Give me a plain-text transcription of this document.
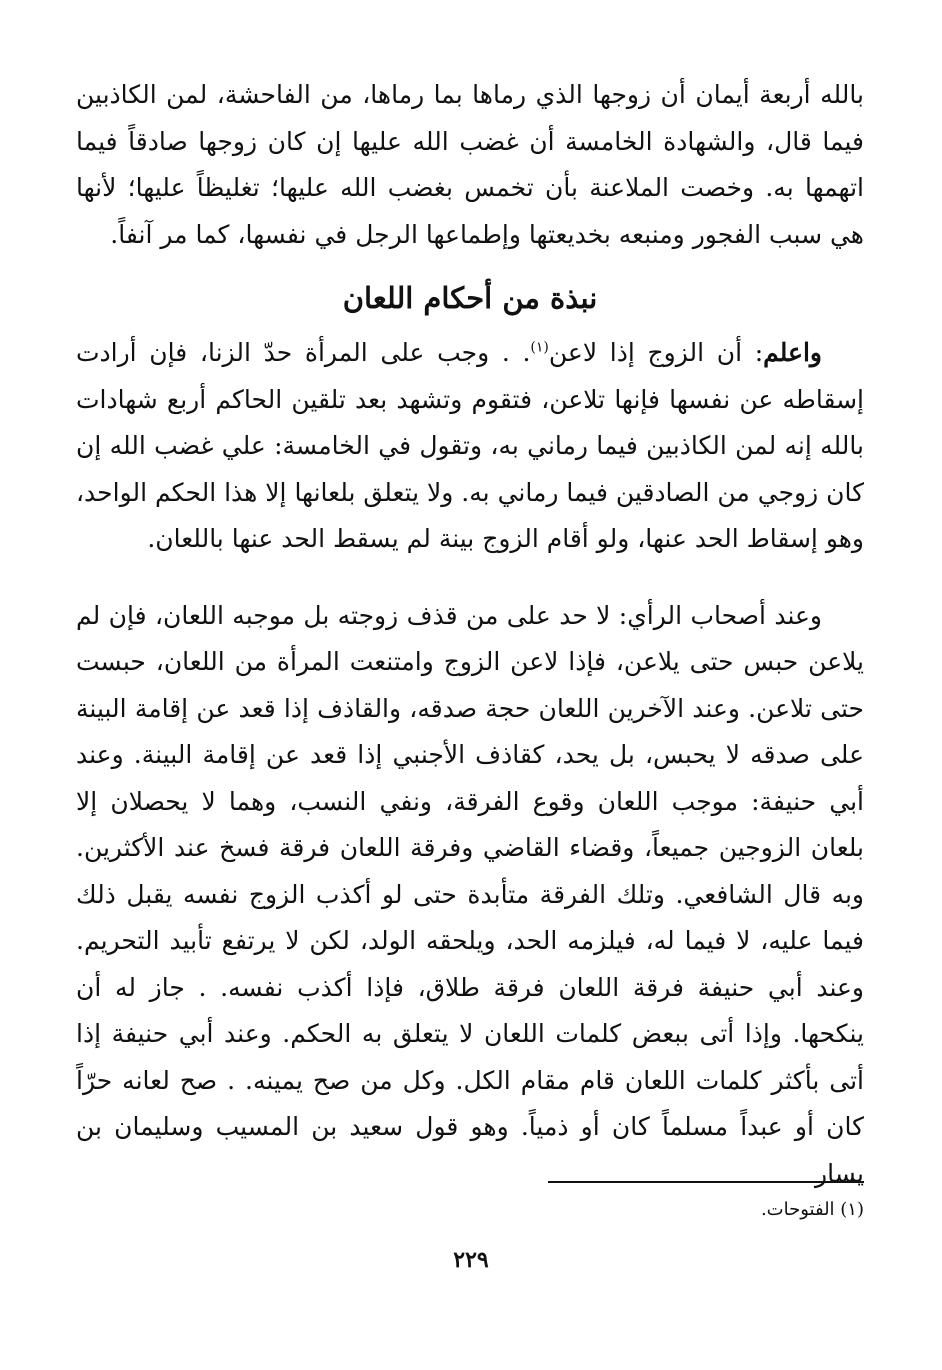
بالله أربعة أيمان أن زوجها الذي رماها بما رماها، من الفاحشة، لمن الكاذبين فيما قال، والشهادة الخامسة أن غضب الله عليها إن كان زوجها صادقاً فيما اتهمها به. وخصت الملاعنة بأن تخمس بغضب الله عليها؛ تغليظاً عليها؛ لأنها هي سبب الفجور ومنبعه بخديعتها وإطماعها الرجل في نفسها، كما مر آنفاً.

نبذة من أحكام اللعان

واعلم: أن الزوج إذا لاعن$^{(١)}$. . وجب على المرأة حدّ الزنا، فإن أرادت إسقاطه عن نفسها فإنها تلاعن، فتقوم وتشهد بعد تلقين الحاكم أربع شهادات بالله إنه لمن الكاذبين فيما رماني به، وتقول في الخامسة: علي غضب الله إن كان زوجي من الصادقين فيما رماني به. ولا يتعلق بلعانها إلا هذا الحكم الواحد، وهو إسقاط الحد عنها، ولو أقام الزوج بينة لم يسقط الحد عنها باللعان.

وعند أصحاب الرأي: لا حد على من قذف زوجته بل موجبه اللعان، فإن لم يلاعن حبس حتى يلاعن، فإذا لاعن الزوج وامتنعت المرأة من اللعان، حبست حتى تلاعن. وعند الآخرين اللعان حجة صدقه، والقاذف إذا قعد عن إقامة البينة على صدقه لا يحبس، بل يحد، كقاذف الأجنبي إذا قعد عن إقامة البينة. وعند أبي حنيفة: موجب اللعان وقوع الفرقة، ونفي النسب، وهما لا يحصلان إلا بلعان الزوجين جميعاً، وقضاء القاضي وفرقة اللعان فرقة فسخ عند الأكثرين. وبه قال الشافعي. وتلك الفرقة متأبدة حتى لو أكذب الزوج نفسه يقبل ذلك فيما عليه، لا فيما له، فيلزمه الحد، ويلحقه الولد، لكن لا يرتفع تأبيد التحريم. وعند أبي حنيفة فرقة اللعان فرقة طلاق، فإذا أكذب نفسه. . جاز له أن ينكحها. وإذا أتى ببعض كلمات اللعان لا يتعلق به الحكم. وعند أبي حنيفة إذا أتى بأكثر كلمات اللعان قام مقام الكل. وكل من صح يمينه. . صح لعانه حرّاً كان أو عبداً مسلماً كان أو ذمياً. وهو قول سعيد بن المسيب وسليمان بن يسار

(١) الفتوحات.
٢٢٩
